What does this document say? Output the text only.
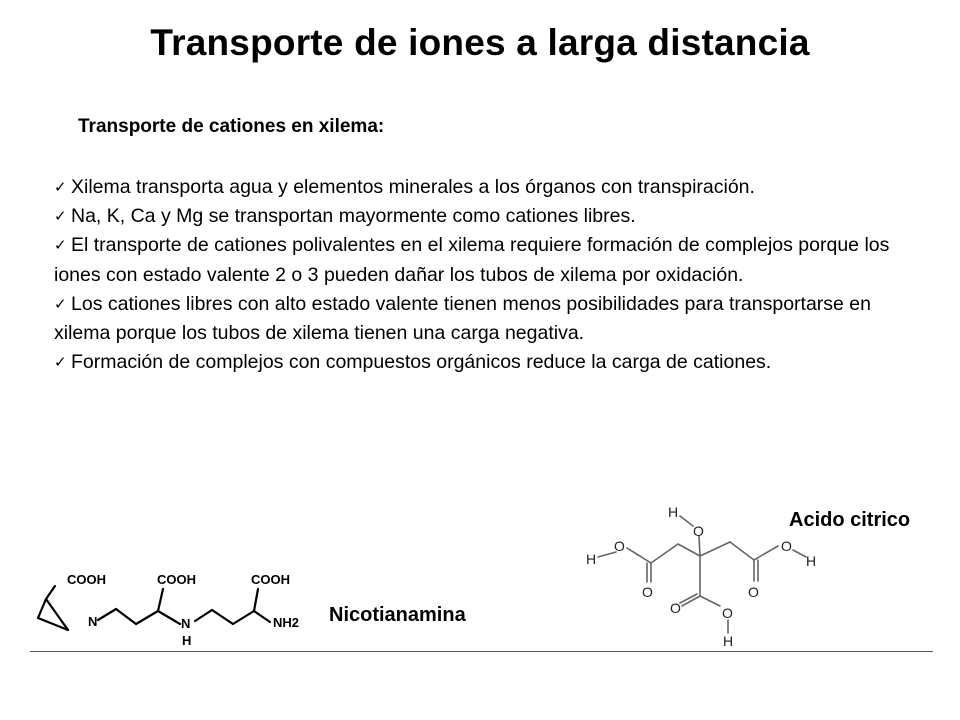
Transporte de iones a larga distancia
Transporte de cationes en xilema:
✓ Xilema transporta agua y elementos minerales a los órganos con transpiración.
✓ Na, K, Ca y Mg se transportan mayormente como cationes libres.
✓ El transporte de cationes polivalentes en el xilema requiere formación de complejos porque los iones con estado valente 2 o 3 pueden dañar los tubos de xilema por oxidación.
✓ Los cationes libres con alto estado valente tienen menos posibilidades para transportarse en xilema porque los tubos de xilema tienen una carga negativa.
✓ Formación de complejos con compuestos orgánicos reduce la carga de cationes.
COOH	COOH	COOH
N	N
H
NH2 Nicotianamina
H
O
H
O
O
H
O
O
O	O
H
Acido citrico
